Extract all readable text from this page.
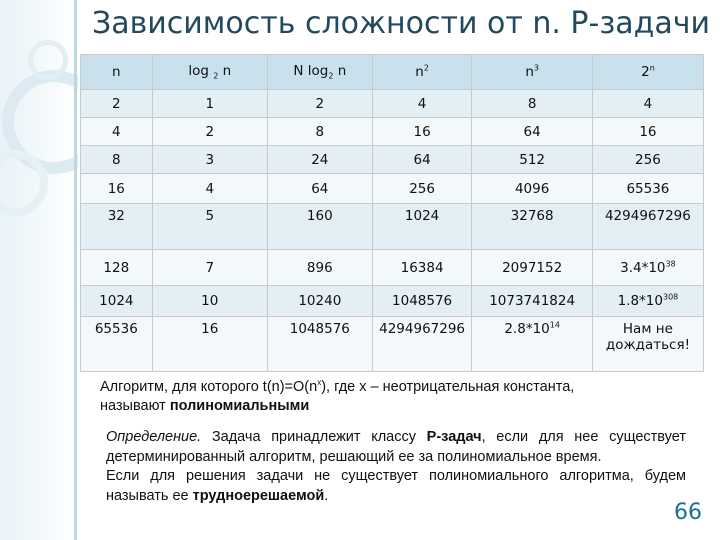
Зависимость сложности от n. Р-задачи
n	log $_2$ n	N $\log_2 n$	$n^2$	$n^3$	2$^n$
2	1	2	4	8	4
4	2	8	16	64	16
8	3	24	64	512	256
16	4	64	256	4096	65536
32	5	160	1024	32768	4294967296
128	7	896	16384	2097152	$3.4*10^{38}$
1024	10	10240	1048576	1073741824	$1.8*10^{308}$
65536	16	1048576	4294967296	$2.8*10^{14}$	Нам не дождаться!
Алгоритм, для которого $t(n)=O(n^x)$, где x – неотрицательная константа, называют полиномиальными
Определение. Задача принадлежит классу Р-задач, если для нее существует детерминированный алгоритм, решающий ее за полиномиальное время.
Если для решения задачи не существует полиномиального алгоритма, будем называть ее трудноерешаемой.
66
